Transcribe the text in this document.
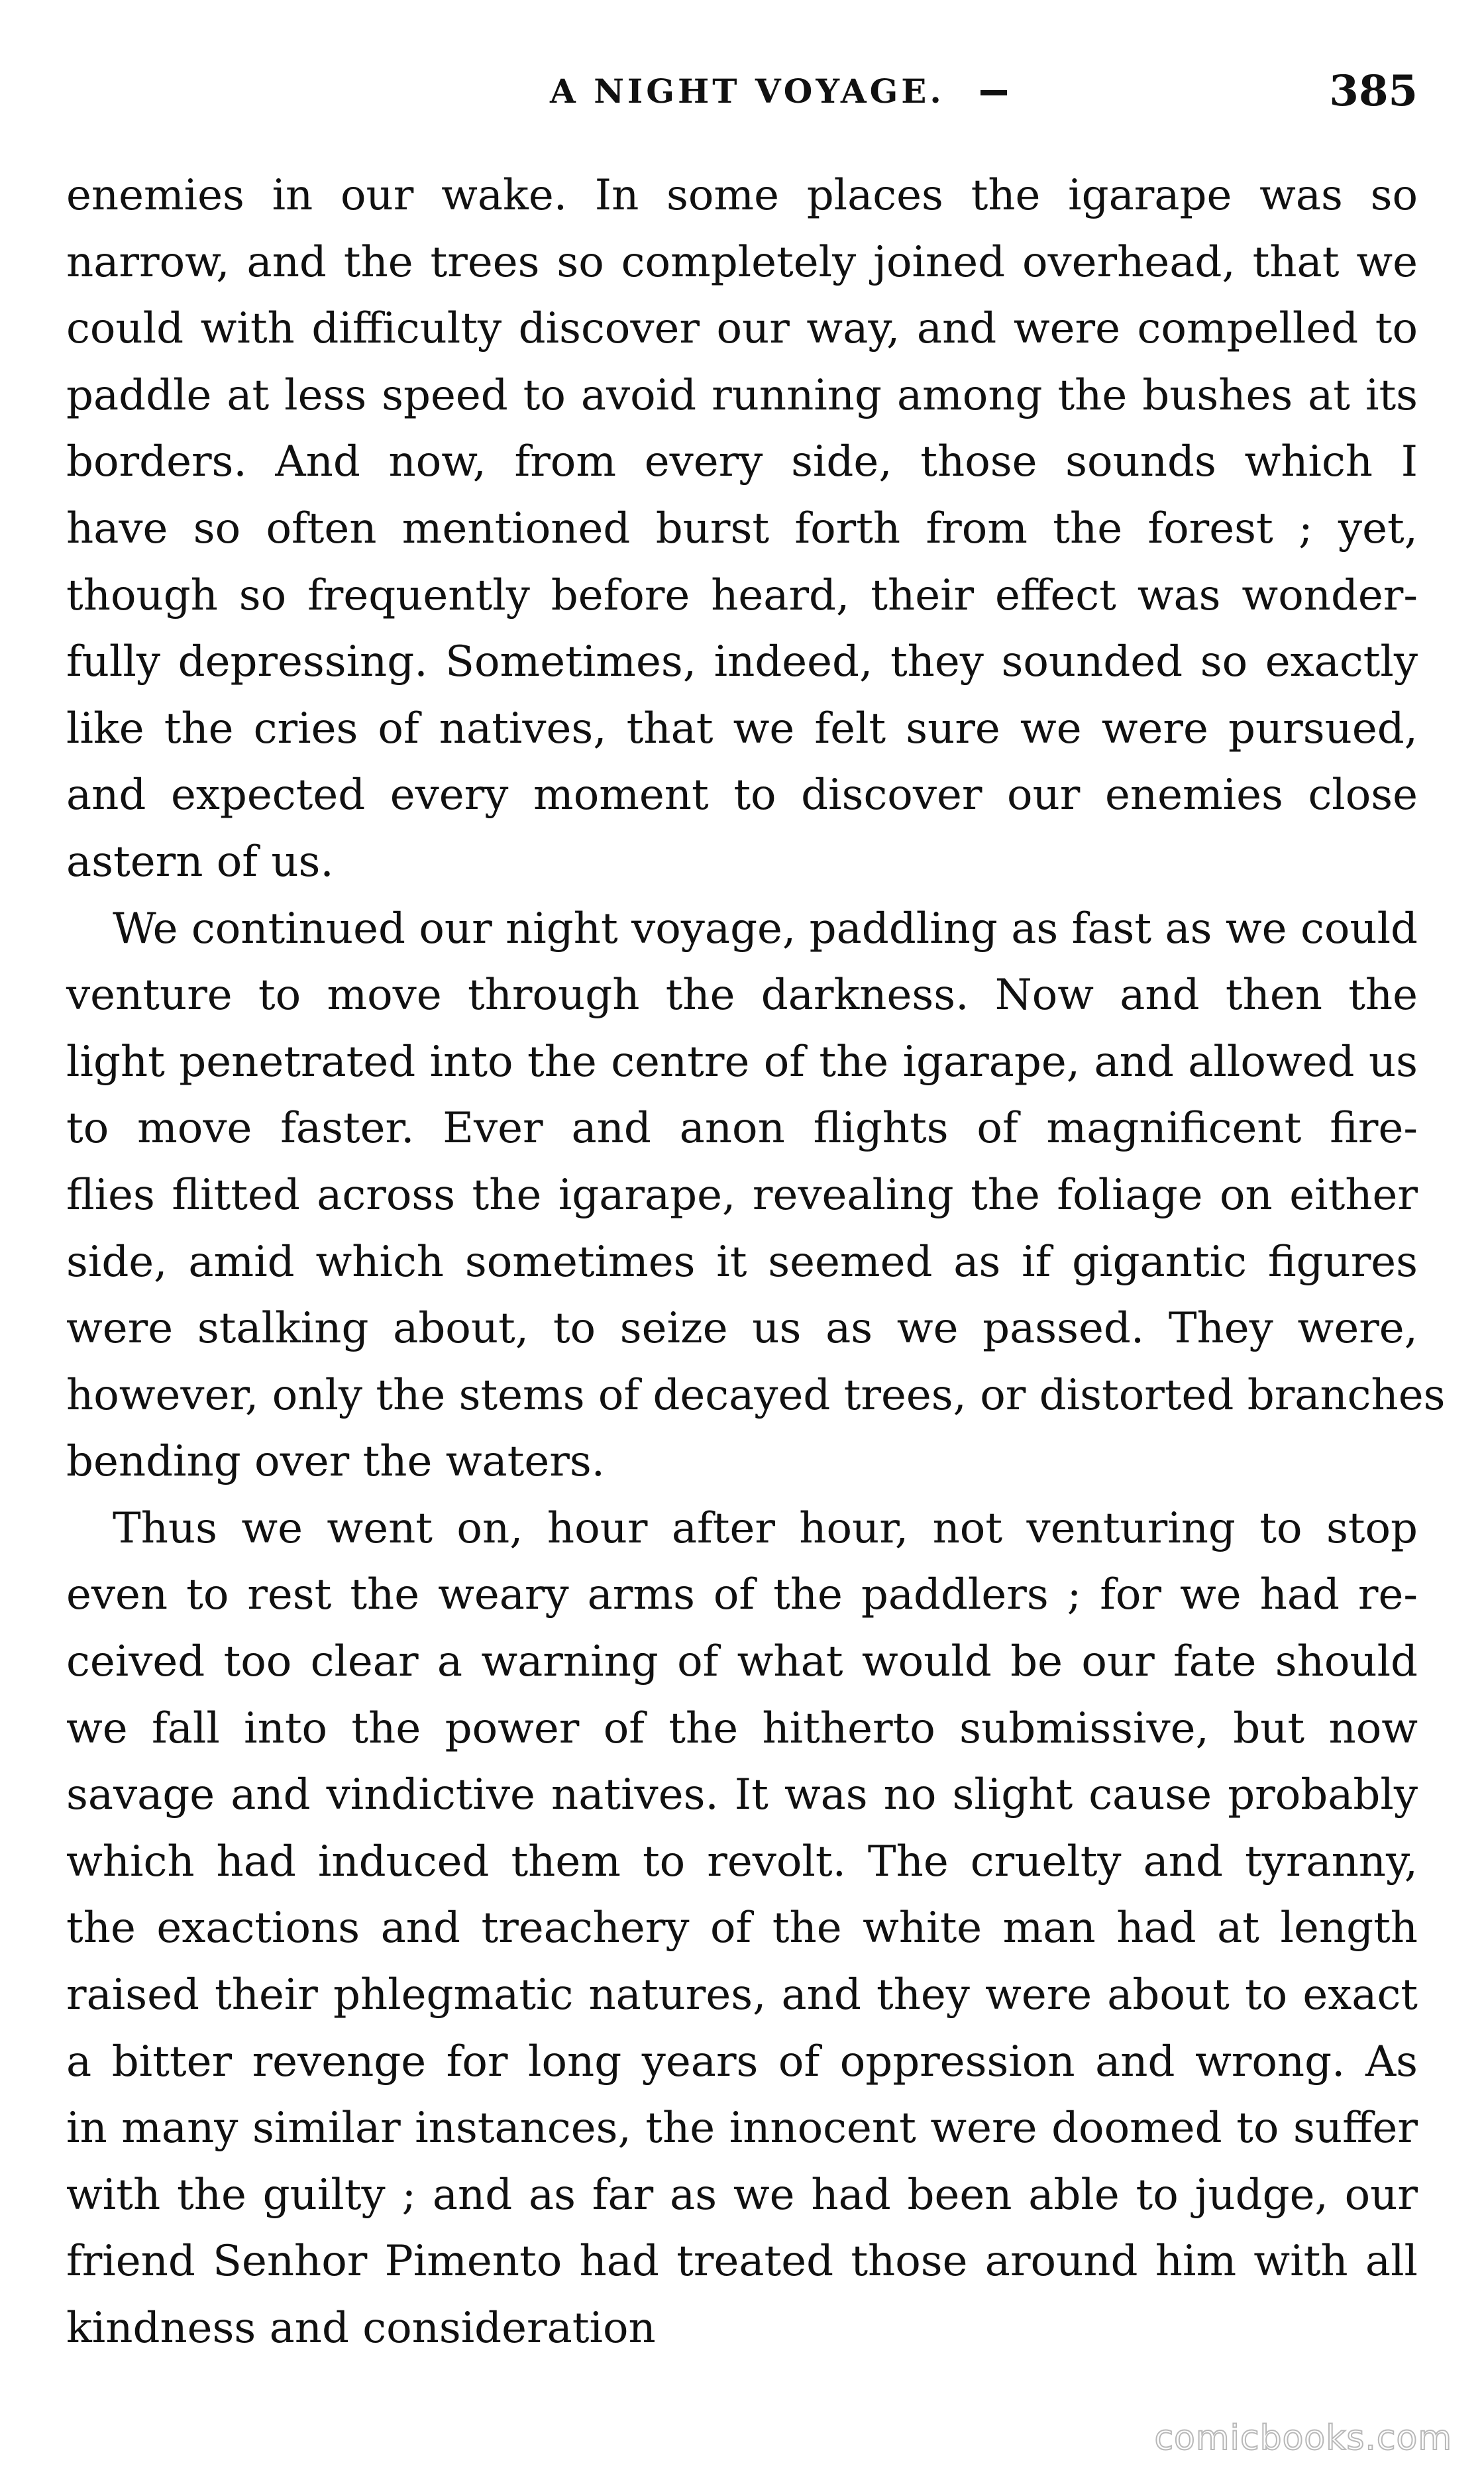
A NIGHT VOYAGE.	385
enemies in our wake. In some places the igarape was so
narrow, and the trees so completely joined overhead, that we
could with difficulty discover our way, and were compelled to
paddle at less speed to avoid running among the bushes at its
borders. And now, from every side, those sounds which I
have so often mentioned burst forth from the forest ; yet,
though so frequently before heard, their effect was wonder-
fully depressing. Sometimes, indeed, they sounded so exactly
like the cries of natives, that we felt sure we were pursued,
and expected every moment to discover our enemies close
astern of us.
We continued our night voyage, paddling as fast as we could
venture to move through the darkness. Now and then the
light penetrated into the centre of the igarape, and allowed us
to move faster. Ever and anon flights of magnificent fire-
flies flitted across the igarape, revealing the foliage on either
side, amid which sometimes it seemed as if gigantic figures
were stalking about, to seize us as we passed. They were,
however, only the stems of decayed trees, or distorted branches
bending over the waters.
Thus we went on, hour after hour, not venturing to stop
even to rest the weary arms of the paddlers ; for we had re-
ceived too clear a warning of what would be our fate should
we fall into the power of the hitherto submissive, but now
savage and vindictive natives. It was no slight cause probably
which had induced them to revolt. The cruelty and tyranny,
the exactions and treachery of the white man had at length
raised their phlegmatic natures, and they were about to exact
a bitter revenge for long years of oppression and wrong. As
in many similar instances, the innocent were doomed to suffer
with the guilty ; and as far as we had been able to judge, our
friend Senhor Pimento had treated those around him with all
kindness and consideration
comicbooks.com
